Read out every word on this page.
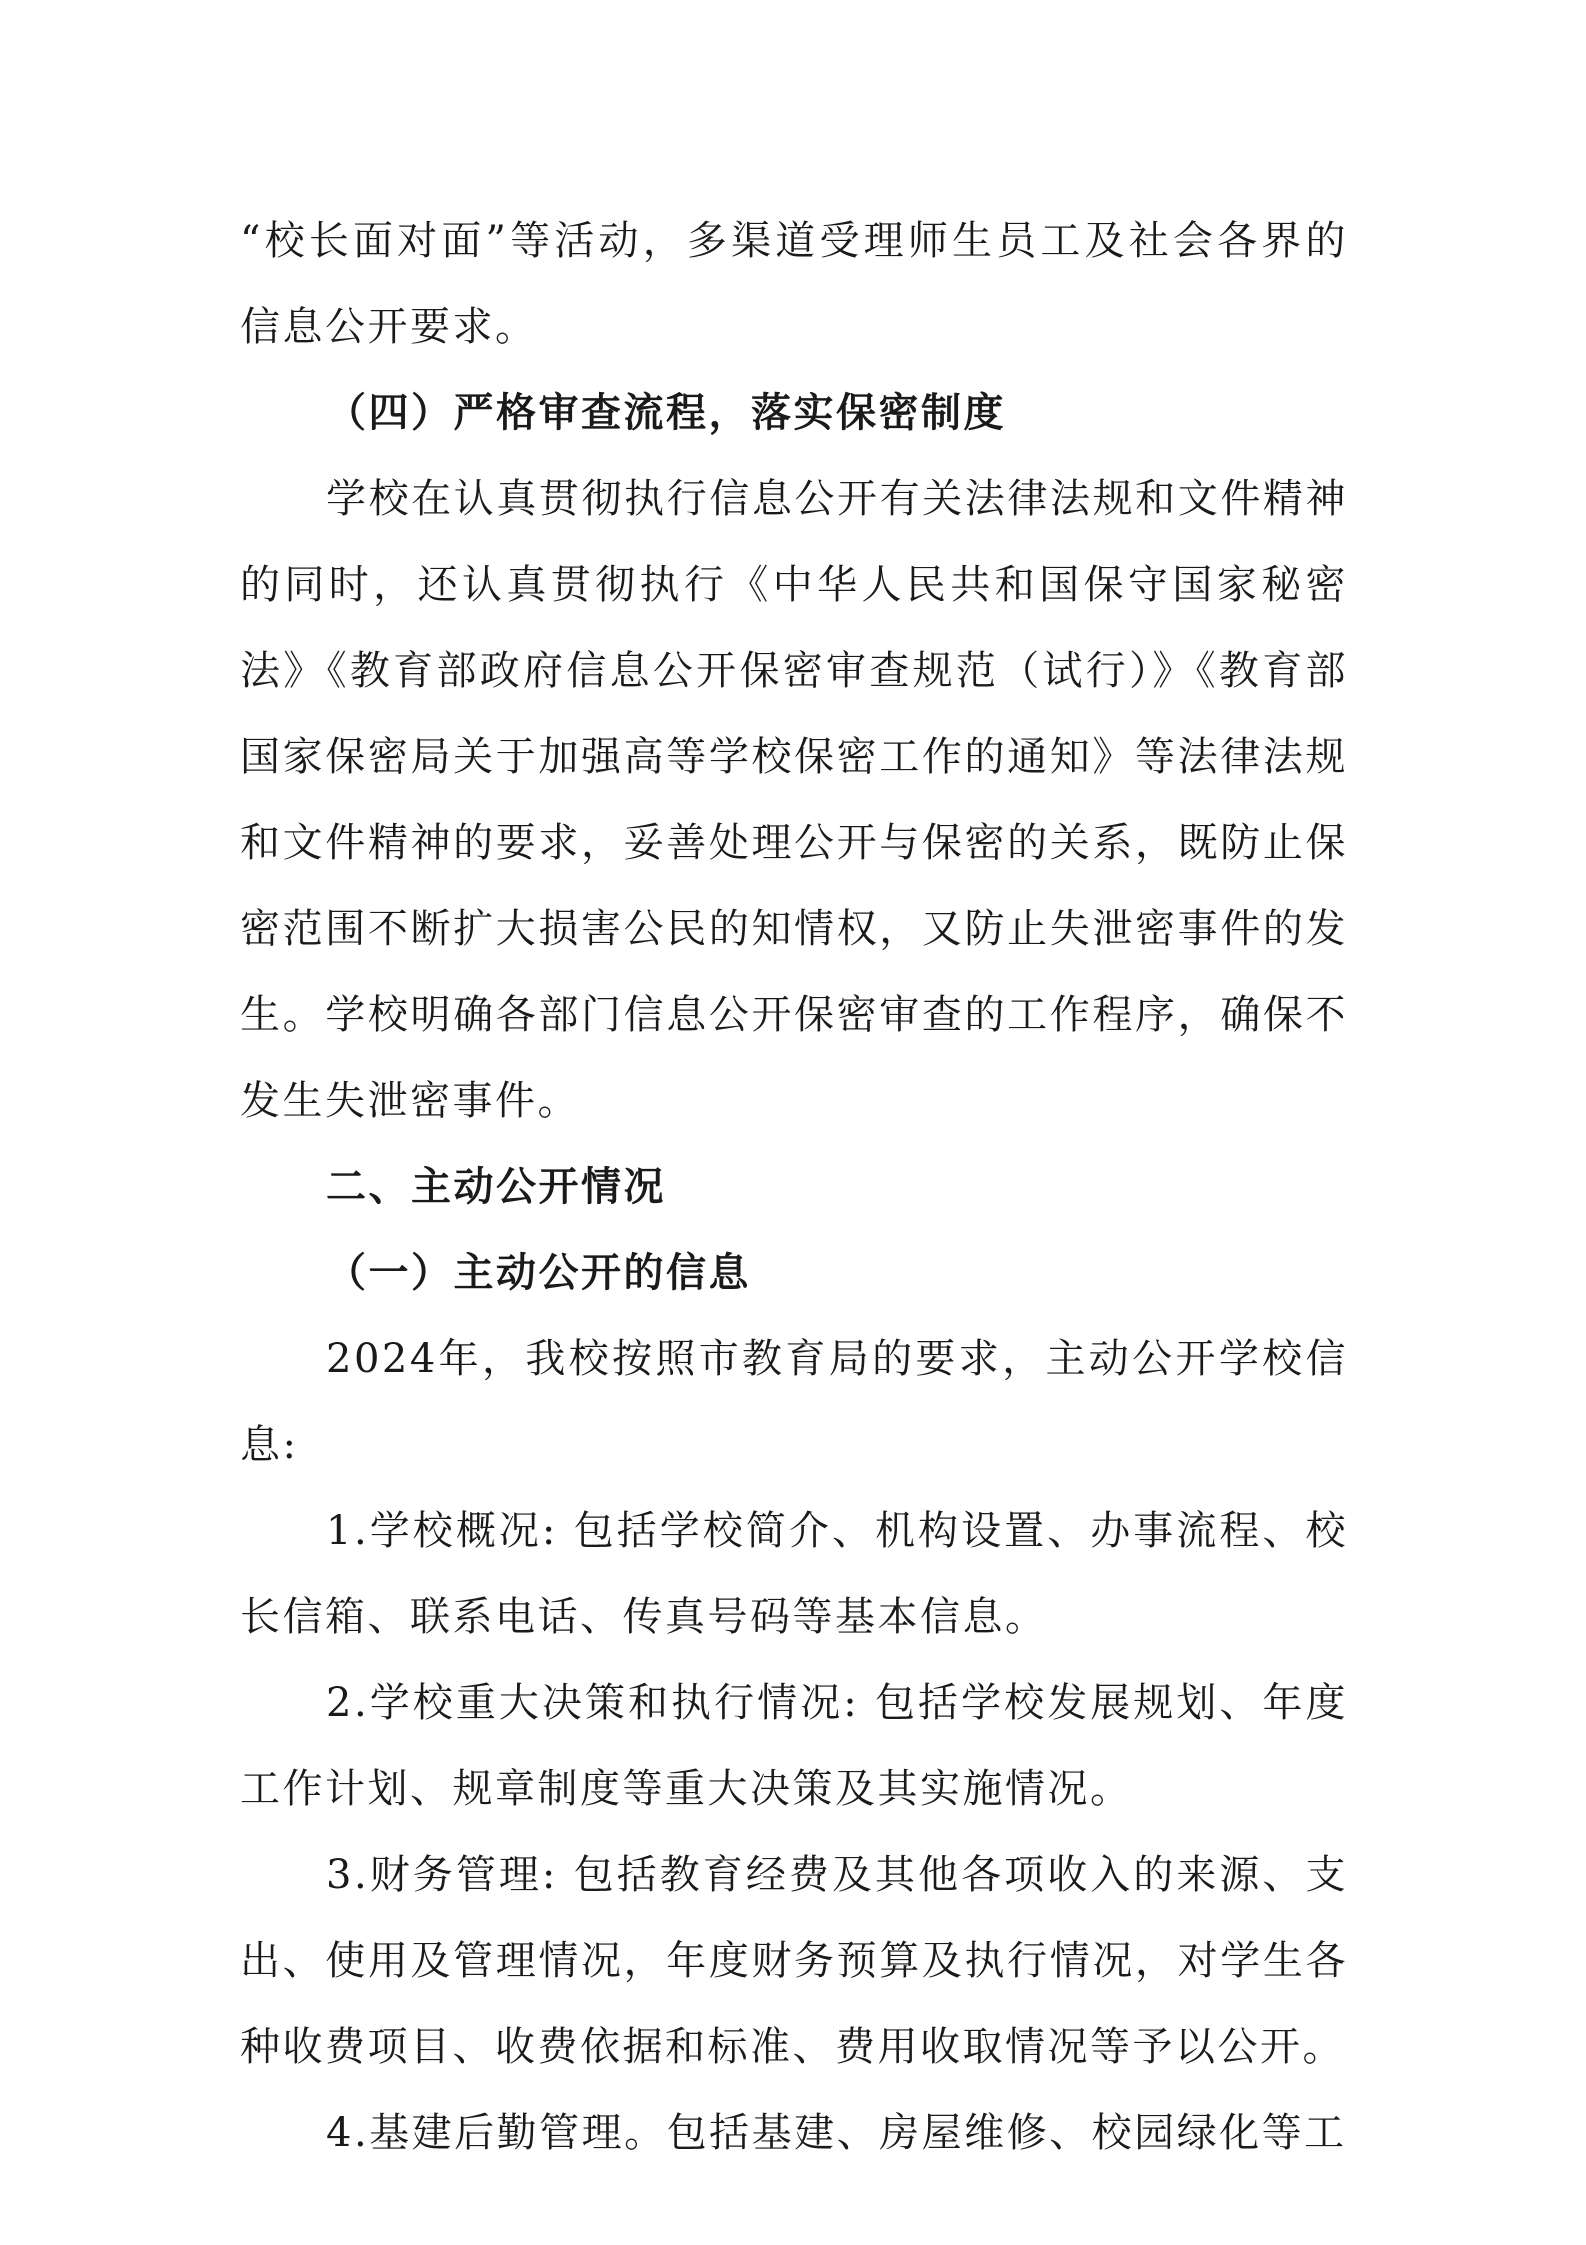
“校长面对面”等活动，多渠道受理师生员工及社会各界的信息公开要求。

（四）严格审查流程，落实保密制度

学校在认真贯彻执行信息公开有关法律法规和文件精神的同时，还认真贯彻执行《中华人民共和国保守国家秘密法》《教育部政府信息公开保密审查规范（试行）》《教育部国家保密局关于加强高等学校保密工作的通知》等法律法规和文件精神的要求，妥善处理公开与保密的关系，既防止保密范围不断扩大损害公民的知情权，又防止失泄密事件的发生。学校明确各部门信息公开保密审查的工作程序，确保不发生失泄密事件。

二、主动公开情况

（一）主动公开的信息

2024年，我校按照市教育局的要求，主动公开学校信息:

1.学校概况: 包括学校简介、机构设置、办事流程、校长信箱、联系电话、传真号码等基本信息。

2.学校重大决策和执行情况: 包括学校发展规划、年度工作计划、规章制度等重大决策及其实施情况。

3.财务管理: 包括教育经费及其他各项收入的来源、支出、使用及管理情况，年度财务预算及执行情况，对学生各种收费项目、收费依据和标准、费用收取情况等予以公开。

4.基建后勤管理。包括基建、房屋维修、校园绿化等工
